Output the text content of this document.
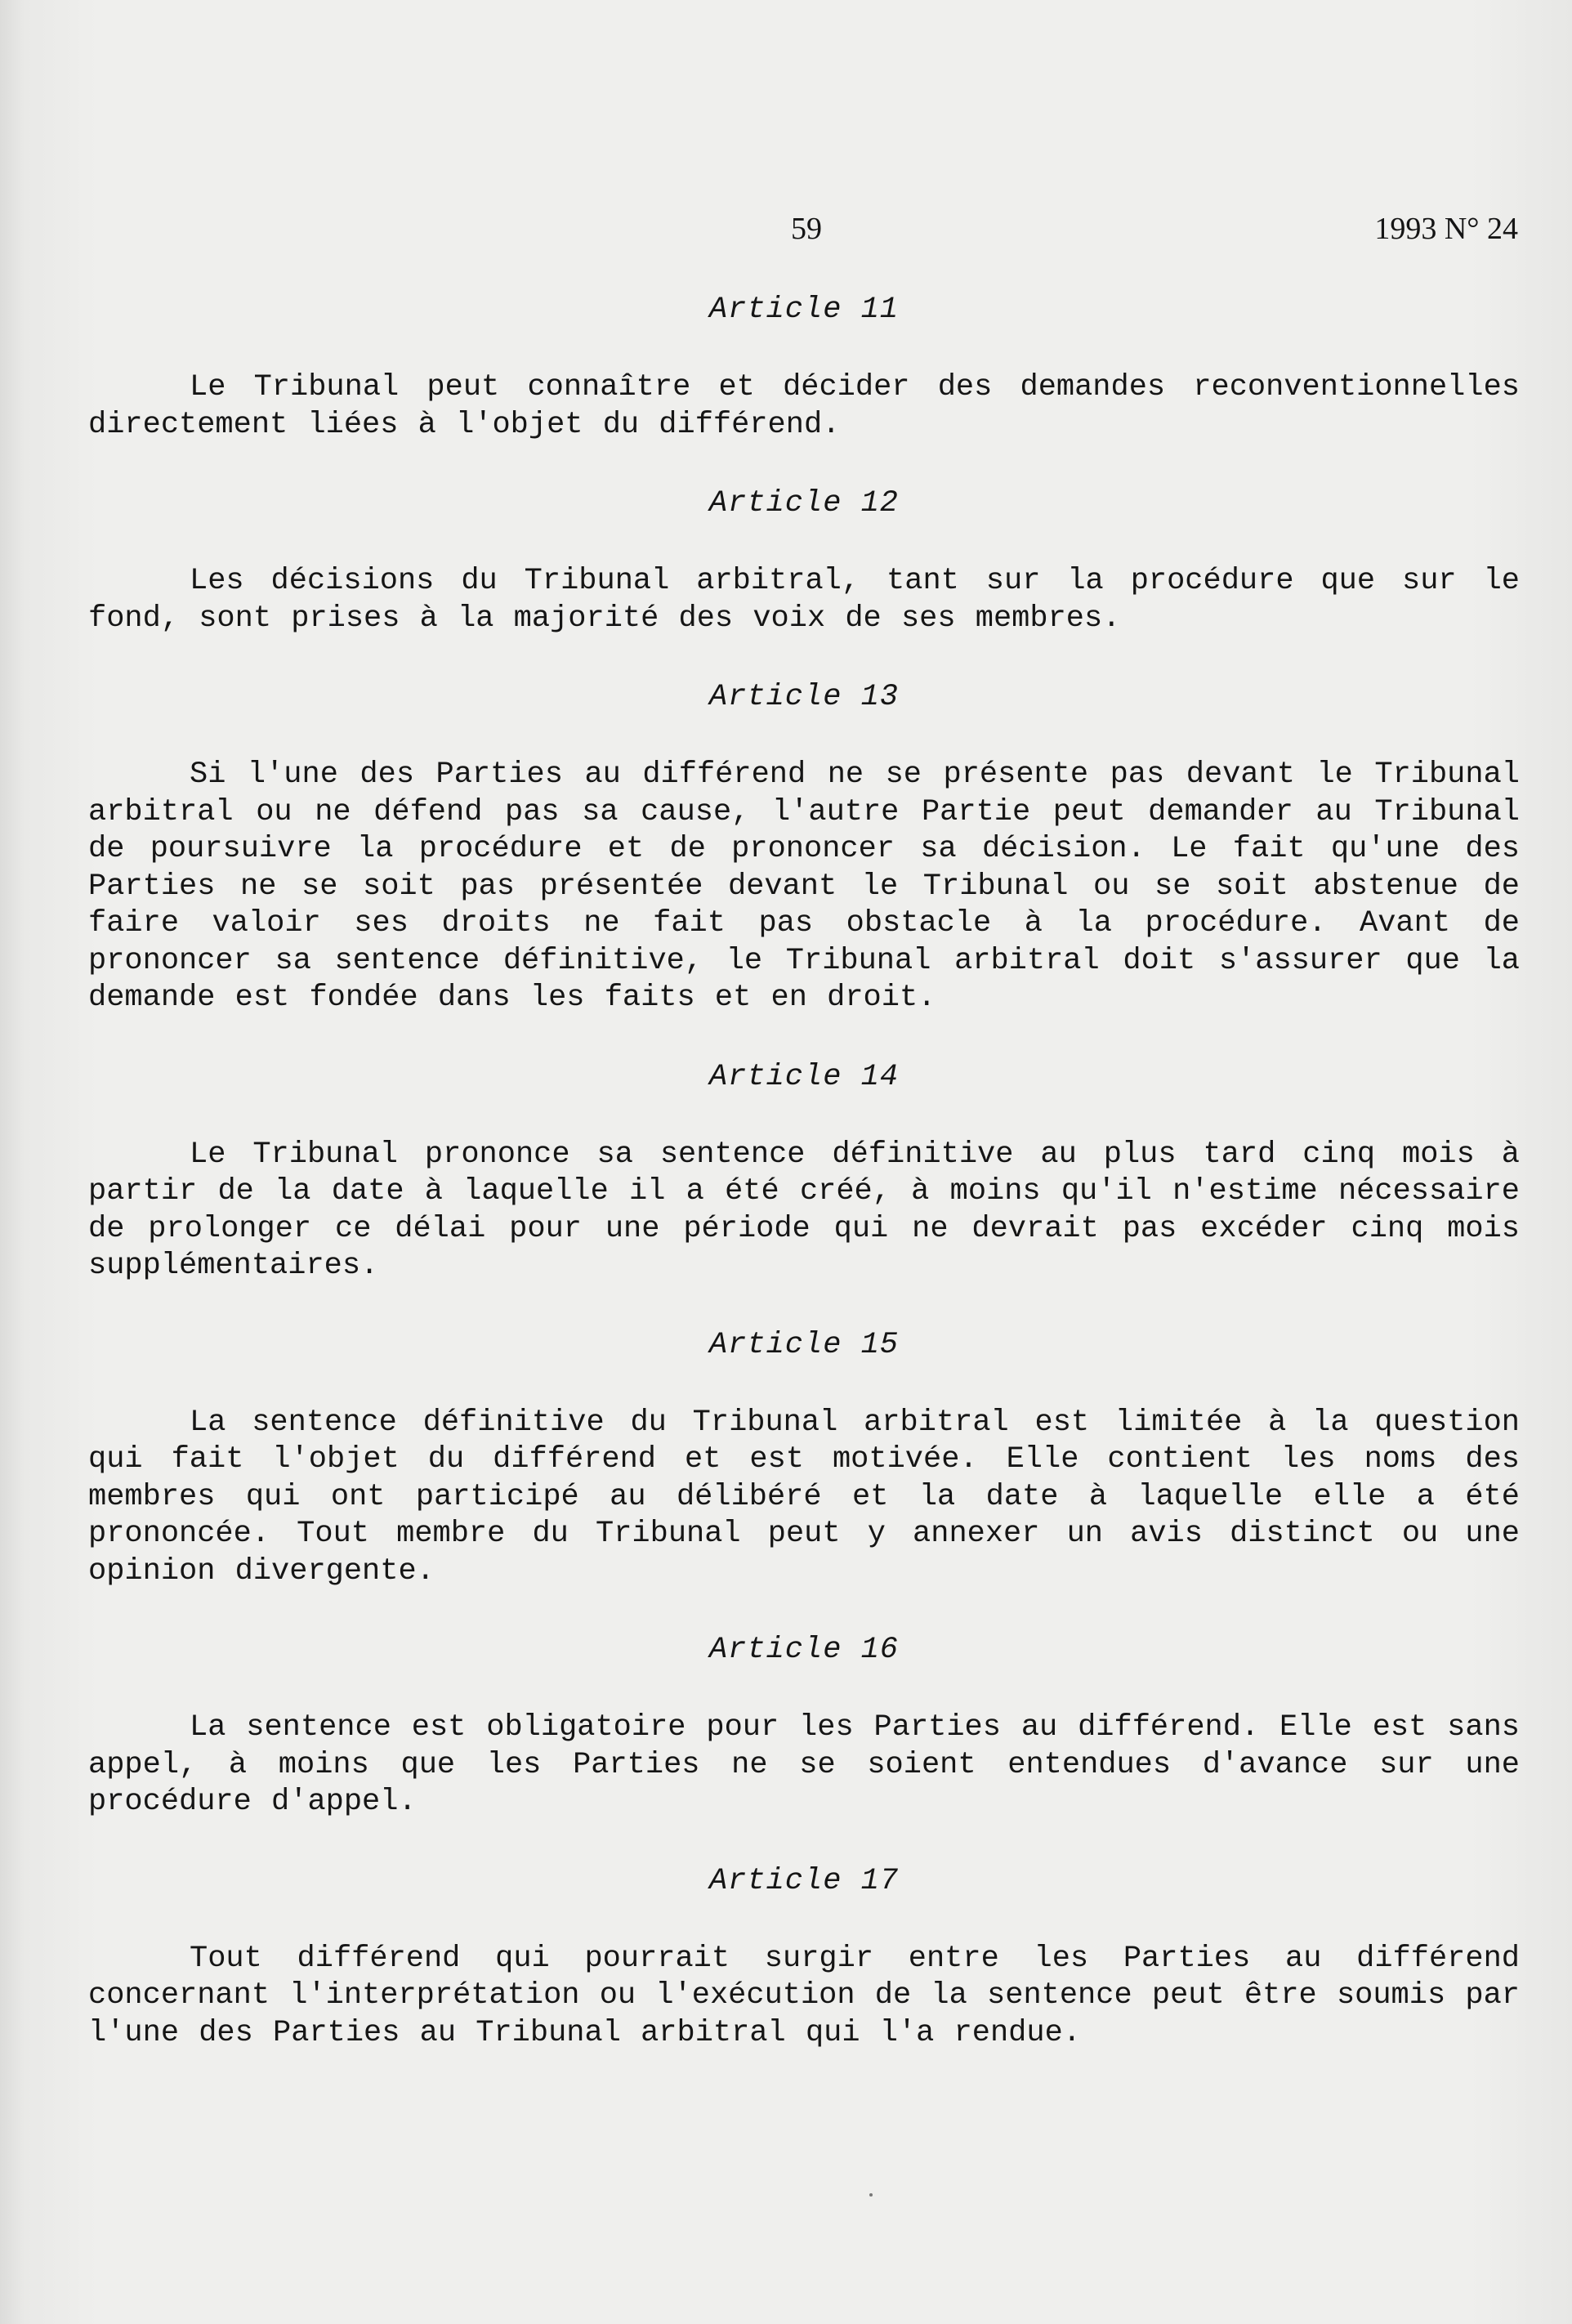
59	1993 N° 24
Article 11
Le Tribunal peut connaître et décider des demandes reconventionnelles directement liées à l'objet du différend.
Article 12
Les décisions du Tribunal arbitral, tant sur la procédure que sur le fond, sont prises à la majorité des voix de ses membres.
Article 13
Si l'une des Parties au différend ne se présente pas devant le Tribunal arbitral ou ne défend pas sa cause, l'autre Partie peut demander au Tribunal de poursuivre la procédure et de prononcer sa décision. Le fait qu'une des Parties ne se soit pas présentée devant le Tribunal ou se soit abstenue de faire valoir ses droits ne fait pas obstacle à la procédure. Avant de prononcer sa sentence définitive, le Tribunal arbitral doit s'assurer que la demande est fondée dans les faits et en droit.
Article 14
Le Tribunal prononce sa sentence définitive au plus tard cinq mois à partir de la date à laquelle il a été créé, à moins qu'il n'estime nécessaire de prolonger ce délai pour une période qui ne devrait pas excéder cinq mois supplémentaires.
Article 15
La sentence définitive du Tribunal arbitral est limitée à la question qui fait l'objet du différend et est motivée. Elle contient les noms des membres qui ont participé au délibéré et la date à laquelle elle a été prononcée. Tout membre du Tribunal peut y annexer un avis distinct ou une opinion divergente.
Article 16
La sentence est obligatoire pour les Parties au différend. Elle est sans appel, à moins que les Parties ne se soient entendues d'avance sur une procédure d'appel.
Article 17
Tout différend qui pourrait surgir entre les Parties au différend concernant l'interprétation ou l'exécution de la sentence peut être soumis par l'une des Parties au Tribunal arbitral qui l'a rendue.
